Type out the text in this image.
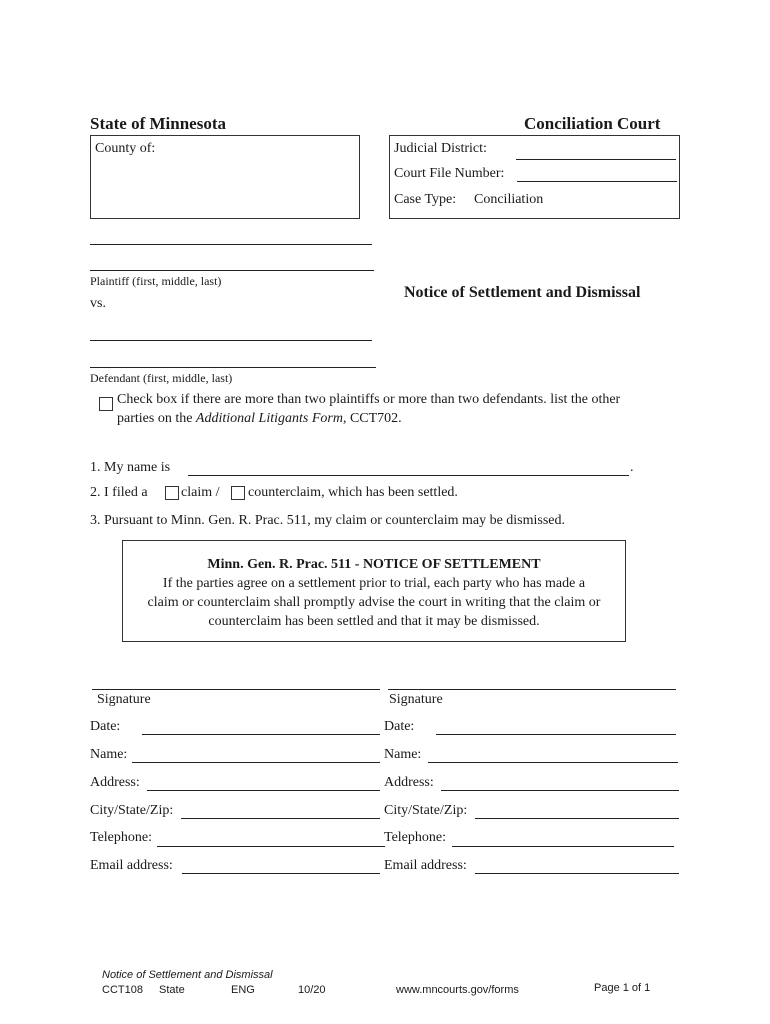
State of Minnesota	Conciliation Court
County of:	Judicial District:
Court File Number:
Case Type: Conciliation
Plaintiff (first, middle, last)
vs.
Notice of Settlement and Dismissal
Defendant (first, middle, last)
Check box if there are more than two plaintiffs or more than two defendants. list the other
parties on the Additional Litigants Form, CCT702.
1. My name is	.
2. I filed a claim / counterclaim, which has been settled.
3. Pursuant to Minn. Gen. R. Prac. 511, my claim or counterclaim may be dismissed.
Minn. Gen. R. Prac. 511 - NOTICE OF SETTLEMENT
If the parties agree on a settlement prior to trial, each party who has made a
claim or counterclaim shall promptly advise the court in writing that the claim or
counterclaim has been settled and that it may be dismissed.
Signature
Date:
Name:
Address:
City/State/Zip:
Telephone:
Email address:
Signature
Date:
Name:
Address:
City/State/Zip:
Telephone:
Email address:
Notice of Settlement and Dismissal
CCT108 State	ENG	10/20	www.mncourts.gov/forms	Page 1 of 1
